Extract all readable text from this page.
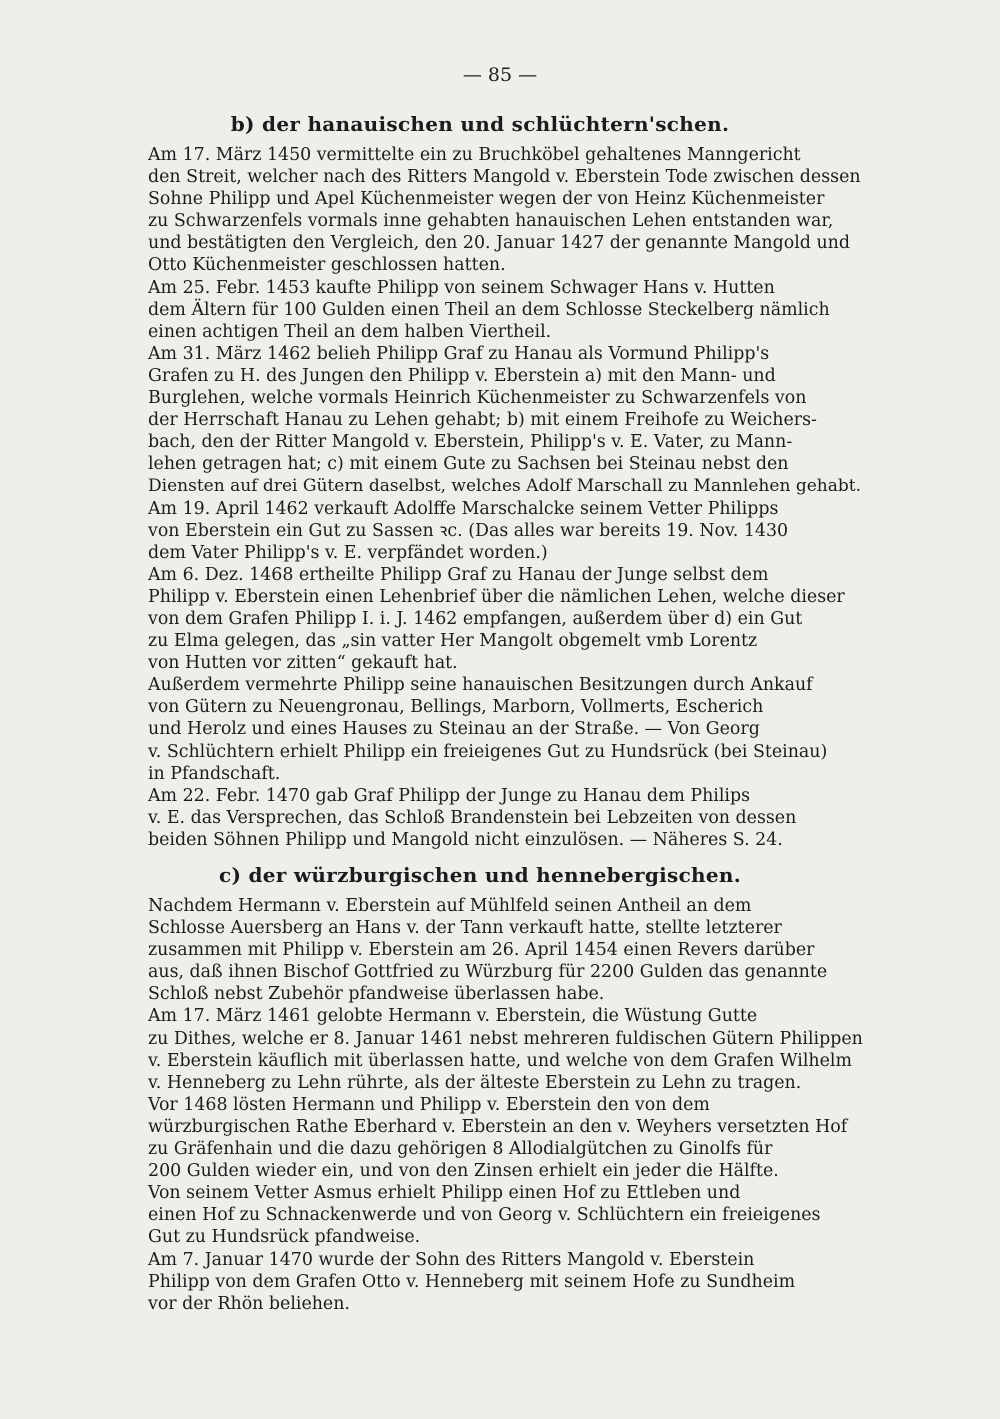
— 85 —
b) der hanauischen und schlüchtern'schen.

Am 17. März 1450 vermittelte ein zu Bruchköbel gehaltenes Manngericht
den Streit, welcher nach des Ritters Mangold v. Eberstein Tode zwischen dessen
Sohne Philipp und Apel Küchenmeister wegen der von Heinz Küchenmeister
zu Schwarzenfels vormals inne gehabten hanauischen Lehen entstanden war,
und bestätigten den Vergleich, den 20. Januar 1427 der genannte Mangold und
Otto Küchenmeister geschlossen hatten.

Am 25. Febr. 1453 kaufte Philipp von seinem Schwager Hans v. Hutten
dem Ältern für 100 Gulden einen Theil an dem Schlosse Steckelberg nämlich
einen achtigen Theil an dem halben Viertheil.

Am 31. März 1462 belieh Philipp Graf zu Hanau als Vormund Philipp's
Grafen zu H. des Jungen den Philipp v. Eberstein a) mit den Mann- und
Burglehen, welche vormals Heinrich Küchenmeister zu Schwarzenfels von
der Herrschaft Hanau zu Lehen gehabt; b) mit einem Freihofe zu Weichers-
bach, den der Ritter Mangold v. Eberstein, Philipp's v. E. Vater, zu Mann-
lehen getragen hat; c) mit einem Gute zu Sachsen bei Steinau nebst den
Diensten auf drei Gütern daselbst, welches Adolf Marschall zu Mannlehen gehabt.

Am 19. April 1462 verkauft Adolffe Marschalcke seinem Vetter Philipps
von Eberstein ein Gut zu Sassen ꝛc. (Das alles war bereits 19. Nov. 1430
dem Vater Philipp's v. E. verpfändet worden.)

Am 6. Dez. 1468 ertheilte Philipp Graf zu Hanau der Junge selbst dem
Philipp v. Eberstein einen Lehenbrief über die nämlichen Lehen, welche dieser
von dem Grafen Philipp I. i. J. 1462 empfangen, außerdem über d) ein Gut
zu Elma gelegen, das „sin vatter Her Mangolt obgemelt vmb Lorentz
von Hutten vor zitten“ gekauft hat.

Außerdem vermehrte Philipp seine hanauischen Besitzungen durch Ankauf
von Gütern zu Neuengronau, Bellings, Marborn, Vollmerts, Escherich
und Herolz und eines Hauses zu Steinau an der Straße. — Von Georg
v. Schlüchtern erhielt Philipp ein freieigenes Gut zu Hundsrück (bei Steinau)
in Pfandschaft.

Am 22. Febr. 1470 gab Graf Philipp der Junge zu Hanau dem Philips
v. E. das Versprechen, das Schloß Brandenstein bei Lebzeiten von dessen
beiden Söhnen Philipp und Mangold nicht einzulösen. — Näheres S. 24.

c) der würzburgischen und hennebergischen.

Nachdem Hermann v. Eberstein auf Mühlfeld seinen Antheil an dem
Schlosse Auersberg an Hans v. der Tann verkauft hatte, stellte letzterer
zusammen mit Philipp v. Eberstein am 26. April 1454 einen Revers darüber
aus, daß ihnen Bischof Gottfried zu Würzburg für 2200 Gulden das genannte
Schloß nebst Zubehör pfandweise überlassen habe.

Am 17. März 1461 gelobte Hermann v. Eberstein, die Wüstung Gutte
zu Dithes, welche er 8. Januar 1461 nebst mehreren fuldischen Gütern Philippen
v. Eberstein käuflich mit überlassen hatte, und welche von dem Grafen Wilhelm
v. Henneberg zu Lehn rührte, als der älteste Eberstein zu Lehn zu tragen.

Vor 1468 lösten Hermann und Philipp v. Eberstein den von dem
würzburgischen Rathe Eberhard v. Eberstein an den v. Weyhers versetzten Hof
zu Gräfenhain und die dazu gehörigen 8 Allodialgütchen zu Ginolfs für
200 Gulden wieder ein, und von den Zinsen erhielt ein jeder die Hälfte.

Von seinem Vetter Asmus erhielt Philipp einen Hof zu Ettleben und
einen Hof zu Schnackenwerde und von Georg v. Schlüchtern ein freieigenes
Gut zu Hundsrück pfandweise.

Am 7. Januar 1470 wurde der Sohn des Ritters Mangold v. Eberstein
Philipp von dem Grafen Otto v. Henneberg mit seinem Hofe zu Sundheim
vor der Rhön beliehen.
